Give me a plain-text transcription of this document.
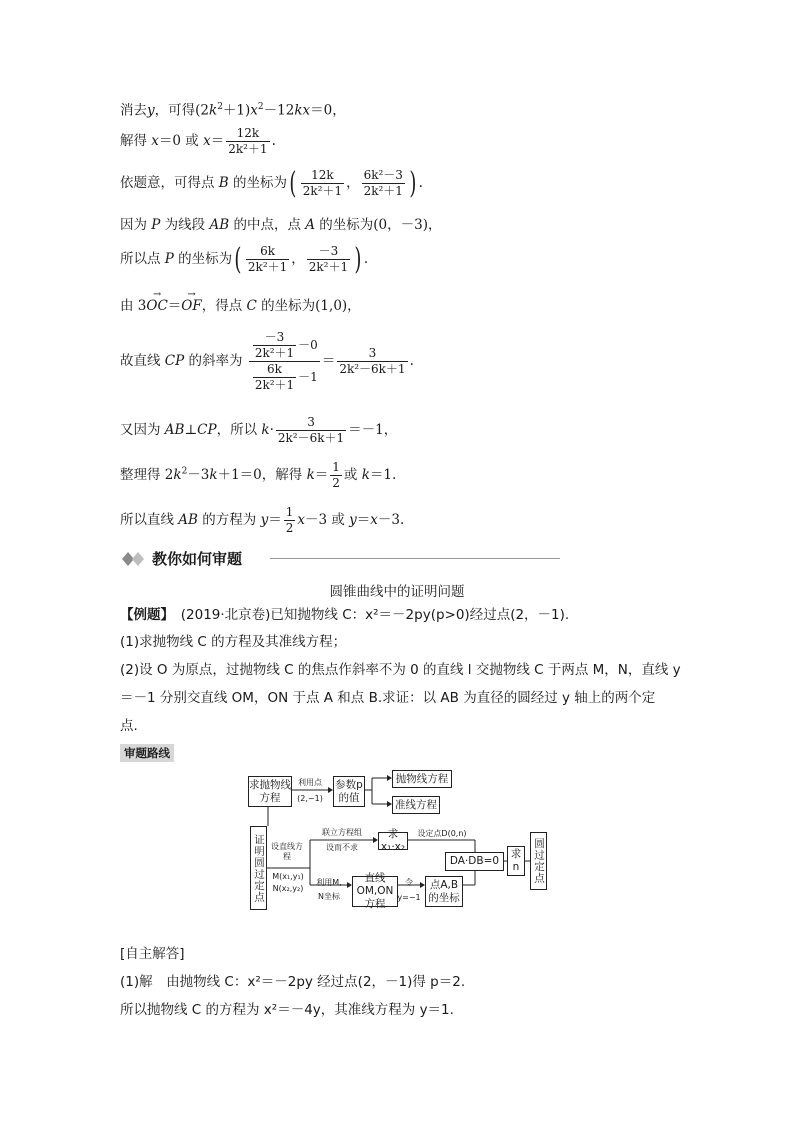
消去y，可得$(2k^2+1)x^2-12kx=0$，
解得 x＝0 或 $x= \frac{12k}{\text{2k²＋1}}$ .
依题意，可得点 B 的坐标为( $\frac{12k}{\text{2k²＋1}}$ ， $\frac{\text{6k²－3}}{\text{2k²＋1}}$ ) .
因为 P 为线段 AB 的中点，点 A 的坐标为(0，－3)，
所以点 P 的坐标为( $\frac{6k}{\text{2k²＋1}}$ ， $\frac{-3}{\text{2k²＋1}}$ ) .
由 3→ OC＝→ OF，得点 C 的坐标为(1,0)，
故直线 CP 的斜率为 $\frac{\frac{-3}{\text{2k²＋1}} -0}{\frac{6k}{\text{2k²＋1}} -1} = \frac{3}{\text{2k²－6k＋1}}$ .
又因为 AB⊥CP，所以 $k\cdot \frac{3}{\text{2k²－6k＋1}} =-1$，
整理得 $2k^2-3k+1=0$，解得 $k= \frac{1}{2}$ 或 k＝1.
所以直线 AB 的方程为 $y= \frac{1}{2} x-3$ 或 y＝x－3.
教你如何审题
圆锥曲线中的证明问题
【例题】　 (2019·北京卷)已知抛物线 C：x²＝－2py(p>0)经过点(2，－1).
(1)求抛物线 C 的方程及其准线方程；
(2)设 O 为原点，过抛物线 C 的焦点作斜率不为 0 的直线 l 交抛物线 C 于两点 M，N，直线 y
＝－1 分别交直线 OM，ON 于点 A 和点 B.求证：以 AB 为直径的圆经过 y 轴上的两个定
点.
审题路线
求抛物线方程
利用点
(2,−1)
参数p的值
抛物线方程
准线方程
证明圆过定点 设直线方程
M(x₁,y₁)
N(x₂,y₂)
联立方程组
设而不求
求 x₁·x₂
设定点D(0,n)
DA·DB=0
求n	圆过定点
利用M,
N坐标
直线OM,ON方程
令
y=−1
点A,B的坐标
[自主解答]
(1)解　由抛物线 C：x²＝－2py 经过点(2，－1)得 p＝2.
所以抛物线 C 的方程为 x²＝－4y，其准线方程为 y＝1.
